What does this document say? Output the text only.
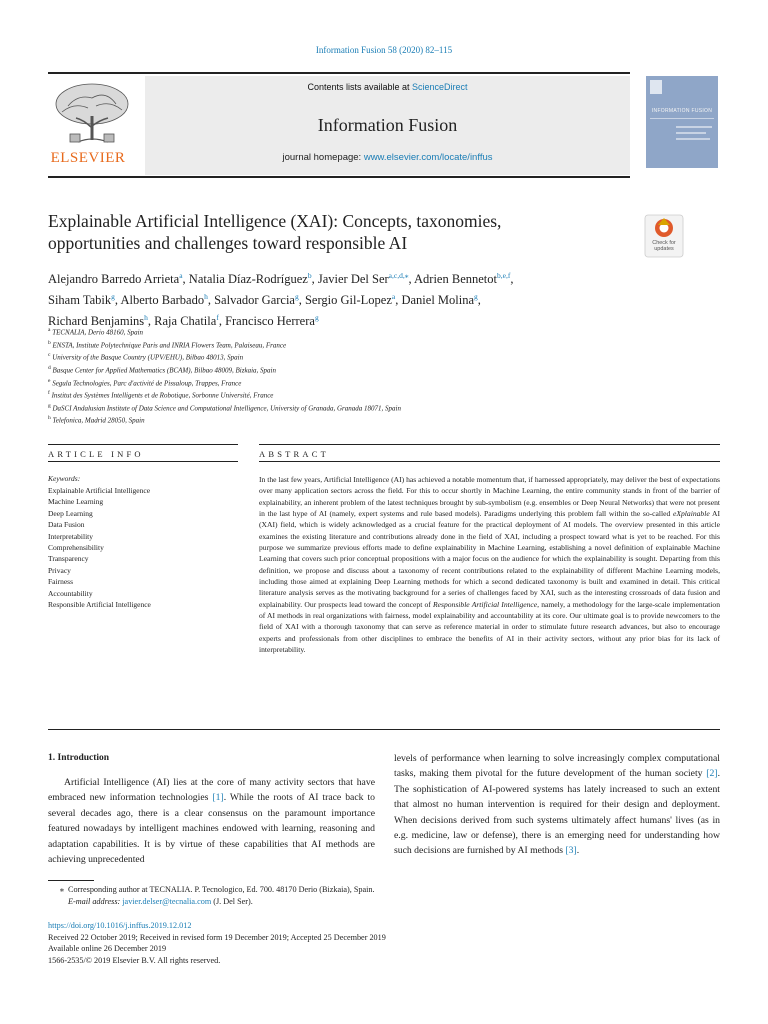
Information Fusion 58 (2020) 82–115
ELSEVIER
Contents lists available at ScienceDirect
Information Fusion
journal homepage: www.elsevier.com/locate/inffus
INFORMATION FUSION
Explainable Artificial Intelligence (XAI): Concepts, taxonomies,
opportunities and challenges toward responsible AI	Check for updates
Alejandro Barredo Arrieta$^a$, Natalia Díaz-Rodríguez$^b$, Javier Del Ser$^{a,c,d,⁎}$, Adrien Bennetot$^{b,e,f}$,
Siham Tabik$^g$, Alberto Barbado$^h$, Salvador Garcia$^g$, Sergio Gil-Lopez$^a$, Daniel Molina$^g$,
Richard Benjamins$^h$, Raja Chatila$^f$, Francisco Herrera$^g$
$^a$ TECNALIA, Derio 48160, Spain
$^b$ ENSTA, Institute Polytechnique Paris and INRIA Flowers Team, Palaiseau, France
$^c$ University of the Basque Country (UPV/EHU), Bilbao 48013, Spain
$^d$ Basque Center for Applied Mathematics (BCAM), Bilbao 48009, Bizkaia, Spain
$^e$ Segula Technologies, Parc d'activité de Pissaloup, Trappes, France
$^f$ Institut des Systèmes Intelligents et de Robotique, Sorbonne Université, France
$^g$ DaSCI Andalusian Institute of Data Science and Computational Intelligence, University of Granada, Granada 18071, Spain
$^h$ Telefonica, Madrid 28050, Spain
ARTICLE INFO
Keywords:
Explainable Artificial Intelligence
Machine Learning
Deep Learning
Data Fusion
Interpretability
Comprehensibility
Transparency
Privacy
Fairness
Accountability
Responsible Artificial Intelligence
ABSTRACT
In the last few years, Artificial Intelligence (AI) has achieved a notable momentum that, if harnessed appropriately, may deliver the best of expectations over many application sectors across the field. For this to occur shortly in Machine Learning, the entire community stands in front of the barrier of explainability, an inherent problem of the latest techniques brought by sub-symbolism (e.g. ensembles or Deep Neural Networks) that were not present in the last hype of AI (namely, expert systems and rule based models). Paradigms underlying this problem fall within the so-called eXplainable AI (XAI) field, which is widely acknowledged as a crucial feature for the practical deployment of AI models. The overview presented in this article examines the existing literature and contributions already done in the field of XAI, including a prospect toward what is yet to be reached. For this purpose we summarize previous efforts made to define explainability in Machine Learning, establishing a novel definition of explainable Machine Learning that covers such prior conceptual propositions with a major focus on the audience for which the explainability is sought. Departing from this definition, we propose and discuss about a taxonomy of recent contributions related to the explainability of different Machine Learning models, including those aimed at explaining Deep Learning methods for which a second dedicated taxonomy is built and examined in detail. This critical literature analysis serves as the motivating background for a series of challenges faced by XAI, such as the interesting crossroads of data fusion and explainability. Our prospects lead toward the concept of Responsible Artificial Intelligence, namely, a methodology for the large-scale implementation of AI methods in real organizations with fairness, model explainability and accountability at its core. Our ultimate goal is to provide newcomers to the field of XAI with a thorough taxonomy that can serve as reference material in order to stimulate future research advances, but also to encourage experts and professionals from other disciplines to embrace the benefits of AI in their activity sectors, without any prior bias for its lack of interpretability.
1. Introduction
Artificial Intelligence (AI) lies at the core of many activity sectors that have embraced new information technologies [1]. While the roots of AI trace back to several decades ago, there is a clear consensus on the paramount importance featured nowadays by intelligent machines endowed with learning, reasoning and adaptation capabilities. It is by virtue of these capabilities that AI methods are achieving unprecedented
levels of performance when learning to solve increasingly complex computational tasks, making them pivotal for the future development of the human society [2]. The sophistication of AI-powered systems has lately increased to such an extent that almost no human intervention is required for their design and deployment. When decisions derived from such systems ultimately affect humans' lives (as in e.g. medicine, law or defense), there is an emerging need for understanding how such decisions are furnished by AI methods [3].
⁎ Corresponding author at TECNALIA. P. Tecnologico, Ed. 700. 48170 Derio (Bizkaia), Spain.
E-mail address: javier.delser@tecnalia.com (J. Del Ser).
https://doi.org/10.1016/j.inffus.2019.12.012
Received 22 October 2019; Received in revised form 19 December 2019; Accepted 25 December 2019
Available online 26 December 2019
1566-2535/© 2019 Elsevier B.V. All rights reserved.
